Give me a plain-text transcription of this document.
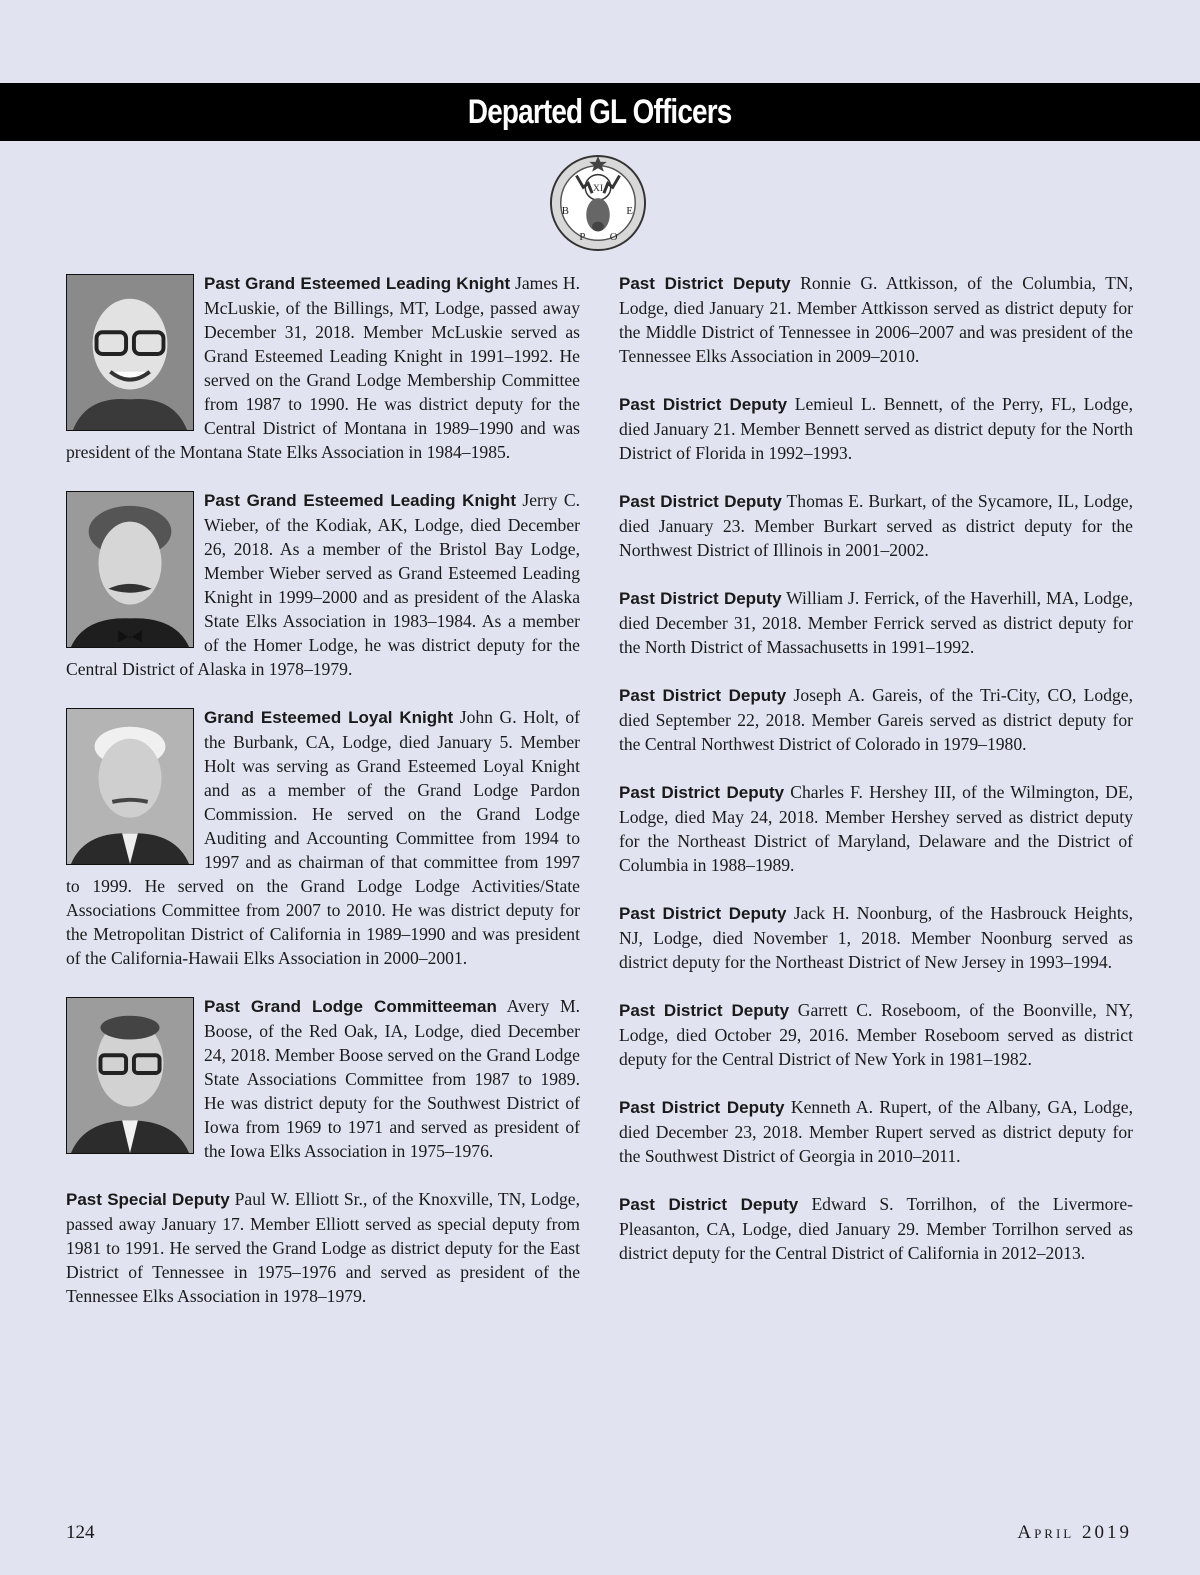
Departed GL Officers
XI
B
P O
E
Past Grand Esteemed Leading Knight James H. McLuskie, of the Billings, MT, Lodge, passed away December 31, 2018. Member McLuskie served as Grand Esteemed Leading Knight in 1991–1992. He served on the Grand Lodge Membership Committee from 1987 to 1990. He was district deputy for the Central District of Montana in 1989–1990 and was president of the Montana State Elks Association in 1984–1985.
Past Grand Esteemed Leading Knight Jerry C. Wieber, of the Kodiak, AK, Lodge, died December 26, 2018. As a member of the Bristol Bay Lodge, Member Wieber served as Grand Esteemed Leading Knight in 1999–2000 and as president of the Alaska State Elks Association in 1983–1984. As a member of the Homer Lodge, he was district deputy for the Central District of Alaska in 1978–1979.
Grand Esteemed Loyal Knight John G. Holt, of the Burbank, CA, Lodge, died January 5. Member Holt was serving as Grand Esteemed Loyal Knight and as a member of the Grand Lodge Pardon Commission. He served on the Grand Lodge Auditing and Accounting Committee from 1994 to 1997 and as chairman of that committee from 1997 to 1999. He served on the Grand Lodge Lodge Activities/State Associations Committee from 2007 to 2010. He was district deputy for the Metropolitan District of California in 1989–1990 and was president of the California-Hawaii Elks Association in 2000–2001.
Past Grand Lodge Committeeman Avery M. Boose, of the Red Oak, IA, Lodge, died December 24, 2018. Member Boose served on the Grand Lodge State Associations Committee from 1987 to 1989. He was district deputy for the Southwest District of Iowa from 1969 to 1971 and served as president of the Iowa Elks Association in 1975–1976.
Past Special Deputy Paul W. Elliott Sr., of the Knoxville, TN, Lodge, passed away January 17. Member Elliott served as special deputy from 1981 to 1991. He served the Grand Lodge as district deputy for the East District of Tennessee in 1975–1976 and served as president of the Tennessee Elks Association in 1978–1979.
Past District Deputy Ronnie G. Attkisson, of the Columbia, TN, Lodge, died January 21. Member Attkisson served as district deputy for the Middle District of Tennessee in 2006–2007 and was president of the Tennessee Elks Association in 2009–2010.
Past District Deputy Lemieul L. Bennett, of the Perry, FL, Lodge, died January 21. Member Bennett served as district deputy for the North District of Florida in 1992–1993.
Past District Deputy Thomas E. Burkart, of the Sycamore, IL, Lodge, died January 23. Member Burkart served as district deputy for the Northwest District of Illinois in 2001–2002.
Past District Deputy William J. Ferrick, of the Haverhill, MA, Lodge, died December 31, 2018. Member Ferrick served as district deputy for the North District of Massachusetts in 1991–1992.
Past District Deputy Joseph A. Gareis, of the Tri-City, CO, Lodge, died September 22, 2018. Member Gareis served as district deputy for the Central Northwest District of Colorado in 1979–1980.
Past District Deputy Charles F. Hershey III, of the Wilmington, DE, Lodge, died May 24, 2018. Member Hershey served as district deputy for the Northeast District of Maryland, Delaware and the District of Columbia in 1988–1989.
Past District Deputy Jack H. Noonburg, of the Hasbrouck Heights, NJ, Lodge, died November 1, 2018. Member Noonburg served as district deputy for the Northeast District of New Jersey in 1993–1994.
Past District Deputy Garrett C. Roseboom, of the Boonville, NY, Lodge, died October 29, 2016. Member Roseboom served as district deputy for the Central District of New York in 1981–1982.
Past District Deputy Kenneth A. Rupert, of the Albany, GA, Lodge, died December 23, 2018. Member Rupert served as district deputy for the Southwest District of Georgia in 2010–2011.
Past District Deputy Edward S. Torrilhon, of the Livermore-Pleasanton, CA, Lodge, died January 29. Member Torrilhon served as district deputy for the Central District of California in 2012–2013.
124	April 2019
